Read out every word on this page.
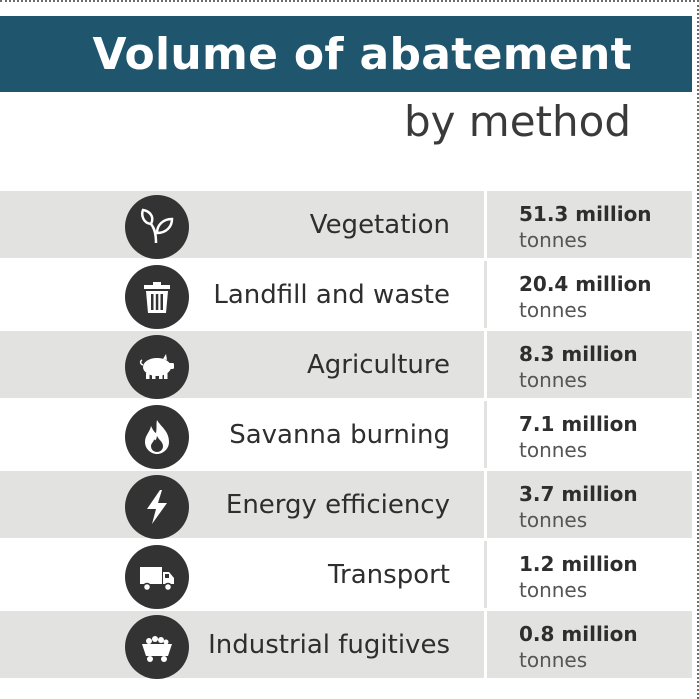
Volume of abatement
by method
Vegetation	51.3 million
tonnes
Landfill and waste	20.4 million
tonnes
Agriculture	8.3 million
tonnes
Savanna burning	7.1 million
tonnes
Energy efficiency	3.7 million
tonnes
Transport	1.2 million
tonnes
Industrial fugitives	0.8 million
tonnes
